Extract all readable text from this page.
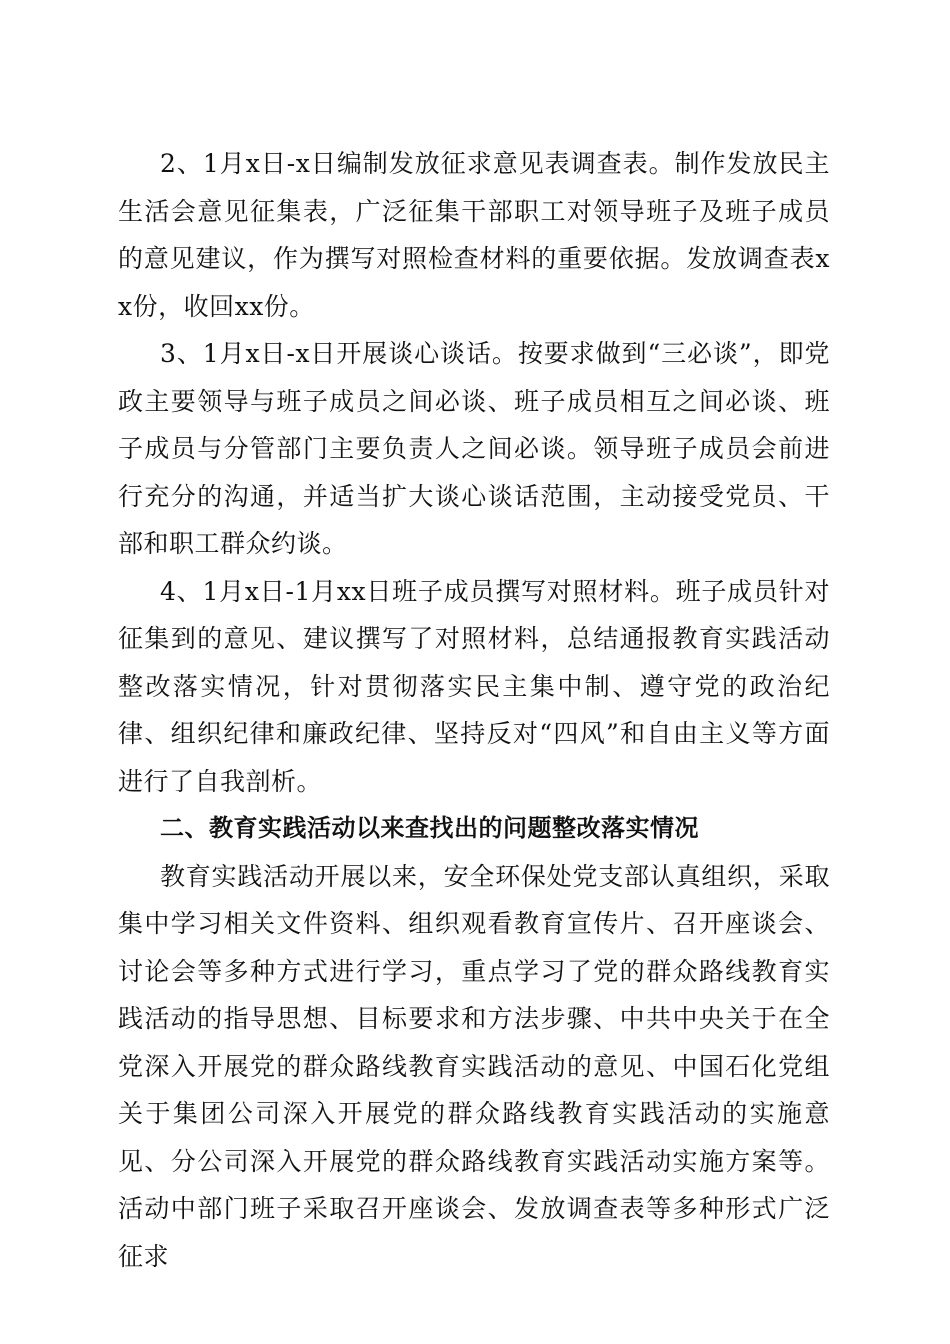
2、1月x日-x日编制发放征求意见表调查表。制作发放民主生活会意见征集表，广泛征集干部职工对领导班子及班子成员的意见建议，作为撰写对照检查材料的重要依据。发放调查表xx份，收回xx份。

3、1月x日-x日开展谈心谈话。按要求做到“三必谈”，即党政主要领导与班子成员之间必谈、班子成员相互之间必谈、班子成员与分管部门主要负责人之间必谈。领导班子成员会前进行充分的沟通，并适当扩大谈心谈话范围，主动接受党员、干部和职工群众约谈。

4、1月x日-1月xx日班子成员撰写对照材料。班子成员针对征集到的意见、建议撰写了对照材料，总结通报教育实践活动整改落实情况，针对贯彻落实民主集中制、遵守党的政治纪律、组织纪律和廉政纪律、坚持反对“四风”和自由主义等方面进行了自我剖析。

二、教育实践活动以来查找出的问题整改落实情况

教育实践活动开展以来，安全环保处党支部认真组织，采取集中学习相关文件资料、组织观看教育宣传片、召开座谈会、讨论会等多种方式进行学习，重点学习了党的群众路线教育实践活动的指导思想、目标要求和方法步骤、中共中央关于在全党深入开展党的群众路线教育实践活动的意见、中国石化党组关于集团公司深入开展党的群众路线教育实践活动的实施意见、分公司深入开展党的群众路线教育实践活动实施方案等。活动中部门班子采取召开座谈会、发放调查表等多种形式广泛征求
